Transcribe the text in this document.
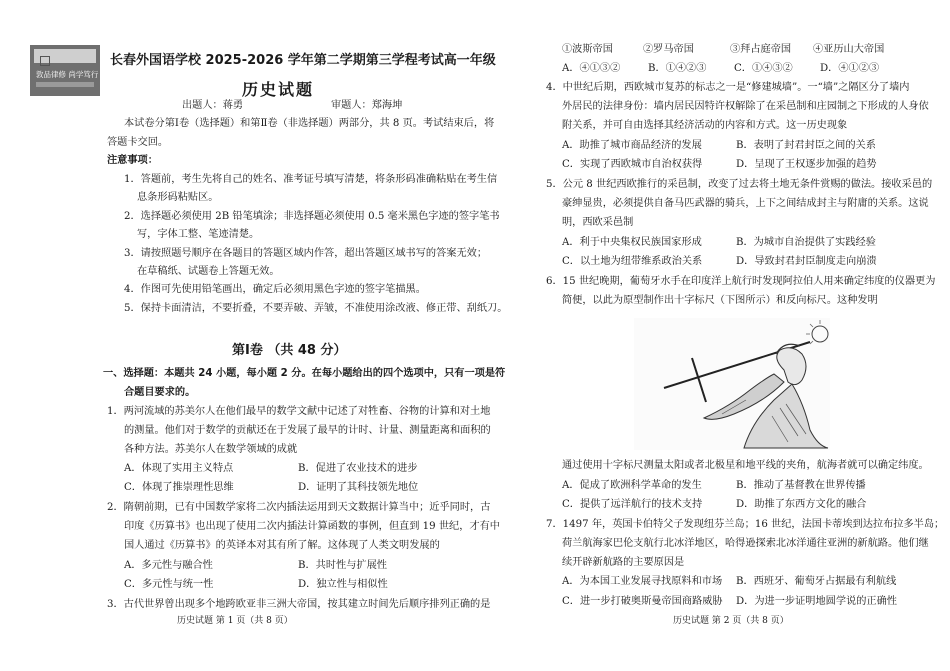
敦品律修 尚学笃行
长春外国语学校 2025-2026 学年第二学期第三学程考试高一年级
历史试题
出题人：蒋勇	审题人：郑海坤
本试卷分第Ⅰ卷（选择题）和第Ⅱ卷（非选择题）两部分，共 8 页。考试结束后，将
答题卡交回。
注意事项：
1．答题前，考生先将自己的姓名、准考证号填写清楚，将条形码准确粘贴在考生信
息条形码粘贴区。
2．选择题必须使用 2B 铅笔填涂；非选择题必须使用 0.5 毫米黑色字迹的签字笔书
写，字体工整、笔迹清楚。
3．请按照题号顺序在各题目的答题区域内作答，超出答题区域书写的答案无效；
在草稿纸、试题卷上答题无效。
4．作图可先使用铅笔画出，确定后必须用黑色字迹的签字笔描黑。
5．保持卡面清洁，不要折叠，不要弄破、弄皱，不准使用涂改液、修正带、刮纸刀。
第Ⅰ卷 （共 48 分）
一、选择题：本题共 24 小题，每小题 2 分。在每小题给出的四个选项中，只有一项是符
合题目要求的。
1．两河流域的苏美尔人在他们最早的数学文献中记述了对牲畜、谷物的计算和对土地
的测量。他们对于数学的贡献还在于发展了最早的计时、计量、测量距离和面积的
各种方法。苏美尔人在数学领域的成就
A．体现了实用主义特点	B．促进了农业技术的进步
C．体现了推崇理性思维	D．证明了其科技领先地位
2．隋朝前期，已有中国数学家将二次内插法运用到天文数据计算当中；近乎同时，古
印度《历算书》也出现了使用二次内插法计算函数的事例，但直到 19 世纪，才有中
国人通过《历算书》的英译本对其有所了解。这体现了人类文明发展的
A．多元性与融合性	B．共时性与扩展性
C．多元性与统一性	D．独立性与相似性
3．古代世界曾出现多个地跨欧亚非三洲大帝国，按其建立时间先后顺序排列正确的是
历史试题 第 1 页（共 8 页）
①波斯帝国	②罗马帝国	③拜占庭帝国 ④亚历山大帝国
A．④①③②	B．①④②③	C．①④③②	D．④①②③
4．中世纪后期，西欧城市复苏的标志之一是“修建城墙”。一“墙”之隔区分了墙内
外居民的法律身份：墙内居民因特许权解除了在采邑制和庄园制之下形成的人身依
附关系，并可自由选择其经济活动的内容和方式。这一历史现象
A．助推了城市商品经济的发展	B．表明了封君封臣之间的关系
C．实现了西欧城市自治权获得	D．呈现了王权逐步加强的趋势
5．公元 8 世纪西欧推行的采邑制，改变了过去将土地无条件赏赐的做法。接收采邑的
豪绅显贵，必须提供自备马匹武器的骑兵，上下之间结成封主与附庸的关系。这说
明，西欧采邑制
A．利于中央集权民族国家形成	B．为城市自治提供了实践经验
C．以土地为纽带维系政治关系	D．导致封君封臣制度走向崩溃
6．15 世纪晚期，葡萄牙水手在印度洋上航行时发现阿拉伯人用来确定纬度的仪器更为
简便，以此为原型制作出十字标尺（下图所示）和反向标尺。这种发明
通过使用十字标尺测量太阳或者北极星和地平线的夹角，航海者就可以确定纬度。
A．促成了欧洲科学革命的发生	B．推动了基督教在世界传播
C．提供了远洋航行的技术支持	D．助推了东西方文化的融合
7．1497 年，英国卡伯特父子发现纽芬兰岛；16 世纪，法国卡蒂埃到达拉布拉多半岛；
荷兰航海家巴伦支航行北冰洋地区，哈得逊探索北冰洋通往亚洲的新航路。他们继
续开辟新航路的主要原因是
A．为本国工业发展寻找原料和市场 B．西班牙、葡萄牙占据最有利航线
C．进一步打破奥斯曼帝国商路威胁 D．为进一步证明地圆学说的正确性
历史试题 第 2 页（共 8 页）
